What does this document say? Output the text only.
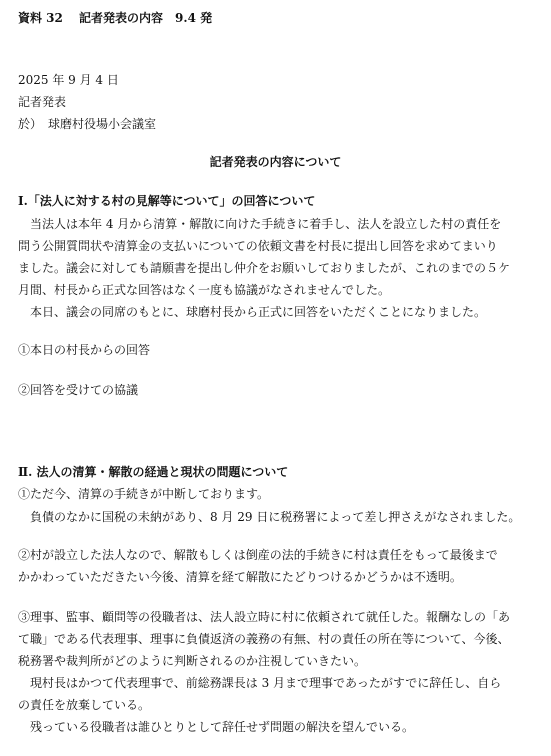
資料 32　 記者発表の内容　9.4 発
2025 年 9 月 4 日
記者発表
於）　球磨村役場小会議室
記者発表の内容について
Ⅰ.「法人に対する村の見解等について」の回答について
当法人は本年 4 月から清算・解散に向けた手続きに着手し、法人を設立した村の責任を
問う公開質問状や清算金の支払いについての依頼文書を村長に提出し回答を求めてまいり
ました。議会に対しても請願書を提出し仲介をお願いしておりましたが、これのまでの５ケ
月間、村長から正式な回答はなく一度も協議がなされませんでした。
本日、議会の同席のもとに、球磨村長から正式に回答をいただくことになりました。
①本日の村長からの回答
②回答を受けての協議
Ⅱ. 法人の清算・解散の経過と現状の問題について
①ただ今、清算の手続きが中断しております。
負債のなかに国税の未納があり、8 月 29 日に税務署によって差し押さえがなされました。
②村が設立した法人なので、解散もしくは倒産の法的手続きに村は責任をもって最後まで
かかわっていただきたい今後、清算を経て解散にたどりつけるかどうかは不透明。
③理事、監事、顧問等の役職者は、法人設立時に村に依頼されて就任した。報酬なしの「あ
て職」である代表理事、理事に負債返済の義務の有無、村の責任の所在等について、今後、
税務署や裁判所がどのように判断されるのか注視していきたい。
現村長はかつて代表理事で、前総務課長は 3 月まで理事であったがすでに辞任し、自ら
の責任を放棄している。
残っている役職者は誰ひとりとして辞任せず問題の解決を望んでいる。
